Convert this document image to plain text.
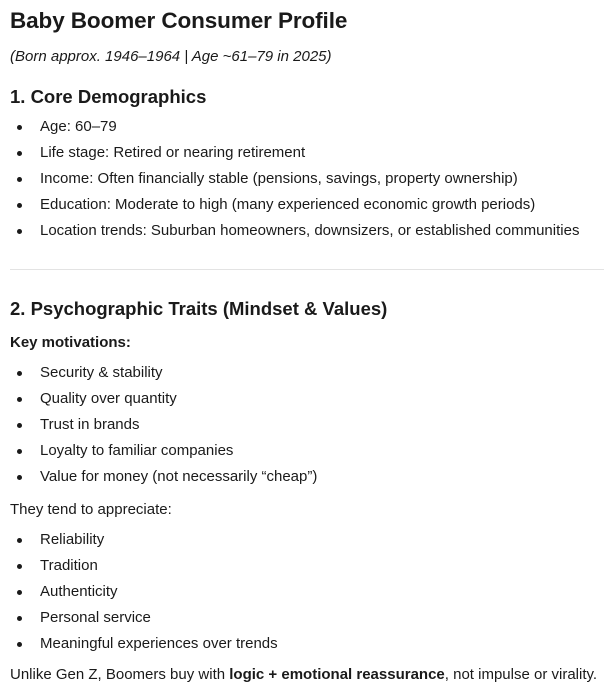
Baby Boomer Consumer Profile

(Born approx. 1946–1964 | Age ~61–79 in 2025)

1. Core Demographics
Age: 60–79
Life stage: Retired or nearing retirement
Income: Often financially stable (pensions, savings, property ownership)
Education: Moderate to high (many experienced economic growth periods)
Location trends: Suburban homeowners, downsizers, or established communities
2. Psychographic Traits (Mindset & Values)

Key motivations:

Security & stability
Quality over quantity
Trust in brands
Loyalty to familiar companies
Value for money (not necessarily “cheap”)

They tend to appreciate:

Reliability
Tradition
Authenticity
Personal service
Meaningful experiences over trends

Unlike Gen Z, Boomers buy with logic + emotional reassurance, not impulse or virality.
